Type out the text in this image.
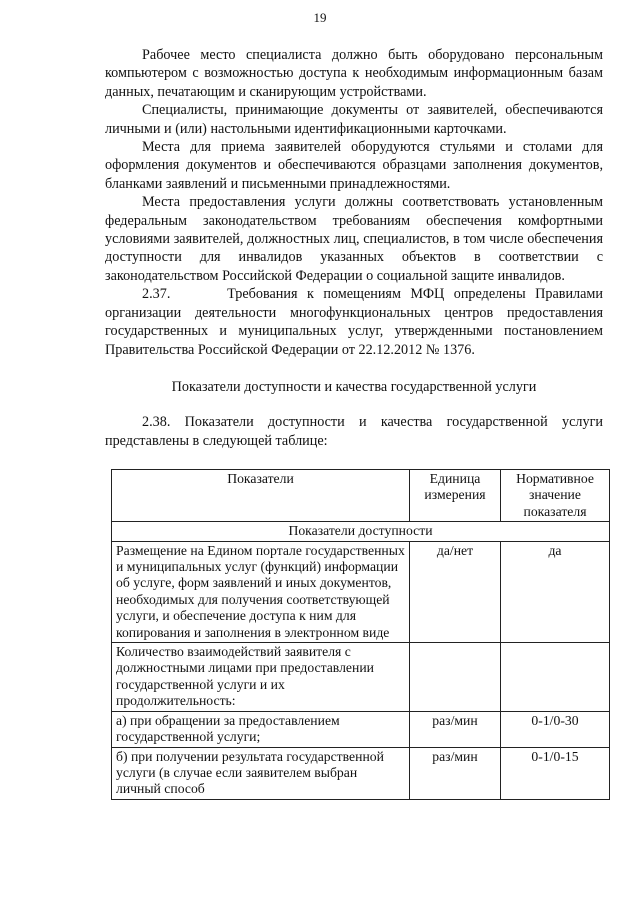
19

Рабочее место специалиста должно быть оборудовано персональным компьютером с возможностью доступа к необходимым информационным базам данных, печатающим и сканирующим устройствами.

Специалисты, принимающие документы от заявителей, обеспечиваются личными и (или) настольными идентификационными карточками.

Места для приема заявителей оборудуются стульями и столами для оформления документов и обеспечиваются образцами заполнения документов, бланками заявлений и письменными принадлежностями.

Места предоставления услуги должны соответствовать установленным федеральным законодательством требованиям обеспечения комфортными условиями заявителей, должностных лиц, специалистов, в том числе обеспечения доступности для инвалидов указанных объектов в соответствии с законодательством Российской Федерации о социальной защите инвалидов.

2.37.      Требования к помещениям МФЦ определены Правилами организации деятельности многофункциональных центров предоставления государственных и муниципальных услуг, утвержденными постановлением Правительства Российской Федерации от 22.12.2012 № 1376.

Показатели доступности и качества государственной услуги

2.38. Показатели доступности и качества государственной услуги представлены в следующей таблице:

Показатели	Единица измерения	Нормативное значение показателя
Показатели доступности		
Размещение на Едином портале государственных и муниципальных услуг (функций) информации об услуге, форм заявлений и иных документов, необходимых для получения соответствующей услуги, и обеспечение доступа к ним для копирования и заполнения в электронном виде	да/нет	да
Количество взаимодействий заявителя с должностными лицами при предоставлении государственной услуги и их продолжительность:		
а) при обращении за предоставлением государственной услуги;	раз/мин	0-1/0-30
б) при получении результата государственной услуги (в случае если заявителем выбран личный способ	раз/мин	0-1/0-15
